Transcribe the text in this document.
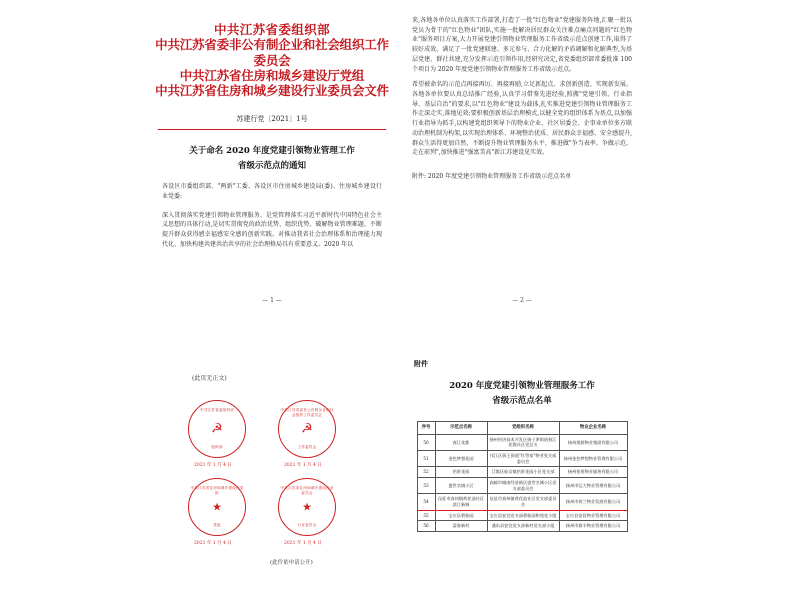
中共江苏省委组织部
中共江苏省委非公有制企业和社会组织工作委员会
中共江苏省住房和城乡建设厅党组
中共江苏省住房和城乡建设行业委员会文件
苏建行党〔2021〕1号
关于命名 2020 年度党建引领物业管理工作
省级示范点的通知
各设区市委组织部、"两新"工委、各设区市住房城乡建设局(委)、住房城乡建设行业党委:
深入贯彻落实党建引领物业管理服务、是党管理落实习近平新时代中国特色社会主义思想的具体行动,是切实贯彻党的政治优势、组织优势、破解物业管理难题、不断提升群众获得感幸福感安全感的创新实践。对推动我省社会治理体系和治理能力现代化、加快构建共建共治共享的社会治理格局具有重要意义。2020 年以
— 1 —
来,各地各单位认真落实工作部署,打造了一批"红色物业"党建服务阵地,汇聚一批以党员为骨干的"红色物业"团队,实施一批解决居民群众关注难点痛点问题的"红色物业"服务项目方案,大力开展党建引领物业管理服务工作省级示范点创建工作,取得了较好成效。满足了一批党建联建、多元参与、合力化解的矛盾调解和化解典型,为基层党建、群社共建,充分发挥示范引领作用,经研究决定,省党委组织部常委批准 100 个项目为 2020 年度党建引领物业管理服务工作省级示范点。
希望被命名的示范点再接再厉、再接再励,立足新起点、求创新创造、实现新发展。各地各单位要认真总结推广经验,认真学习借鉴先进经验,照搬"党建引领、行业指导、基层自治"的要求,以"红色物业"建设为载体,扎实推进党建引领物业管理服务工作走深走实,落地见效;要积极创新基层治理模式,以健全党的组织体系为基点,以加强行业指导为抓手,以构建党组织领导下的物业企业、社区居委会、企事业单位多方联动治理机制为构架,以实现治理体系、环境整治优质、居民群众幸福感、安全感提升,群众生活得更加自然、不断提升物业管理服务水平、推进做"争当表率、争做示范、走在前列",加快推进"强富美高"新江苏建设见实效。
附件: 2020 年度党建引领物业管理服务工作省级示范点名单
— 2 —
(此页无正文)
中共江苏省委组织部
☭
组织部
2021 年 1 月 4 日
中共江苏省委非公有制企业和社会组织工作委员会
☭
工作委员会
2021 年 1 月 4 日
中共江苏省住房和城乡建设厅党组
★
党组
2021 年 1 月 4 日
中共江苏省住房和城乡建设行业委员会
★
行业委员会
2021 年 1 月 4 日
(此件依申请公开)
附件
2020 年度党建引领物业管理服务工作
省级示范点名单
序号	示范点名称	党组织名称	物业企业名称
50	春江花都	扬州经济技术开发区扬子津街道春江花都社区党总支	扬州建源物业集团有限公司
51	金色梦想花园	邗江区蒋王街道"红管家"物业党支部委员会	扬州金色梦想物业管理有限公司
52	怡景花园	江都区仙女镇怡景花园小区党支部	扬州怡景物业服务有限公司
53	盛世名城小区	高邮市城南经济新区盛世名城小区党支部委员会	扬州市弘大物业管理有限公司
54	仪征市真州镇荷花池社区滨江新城	仪征市真州镇荷花池社区党支部委员会	扬州市荷兰物业发展有限公司
55	宝应县碧桂园	宝应县安宜党支部碧桂园和苑党小组	宝应县安居物业管理有限公司
56	富春新村	潘东县安宜党支部新村党支部小组	扬州市源丰物业管理有限公司
